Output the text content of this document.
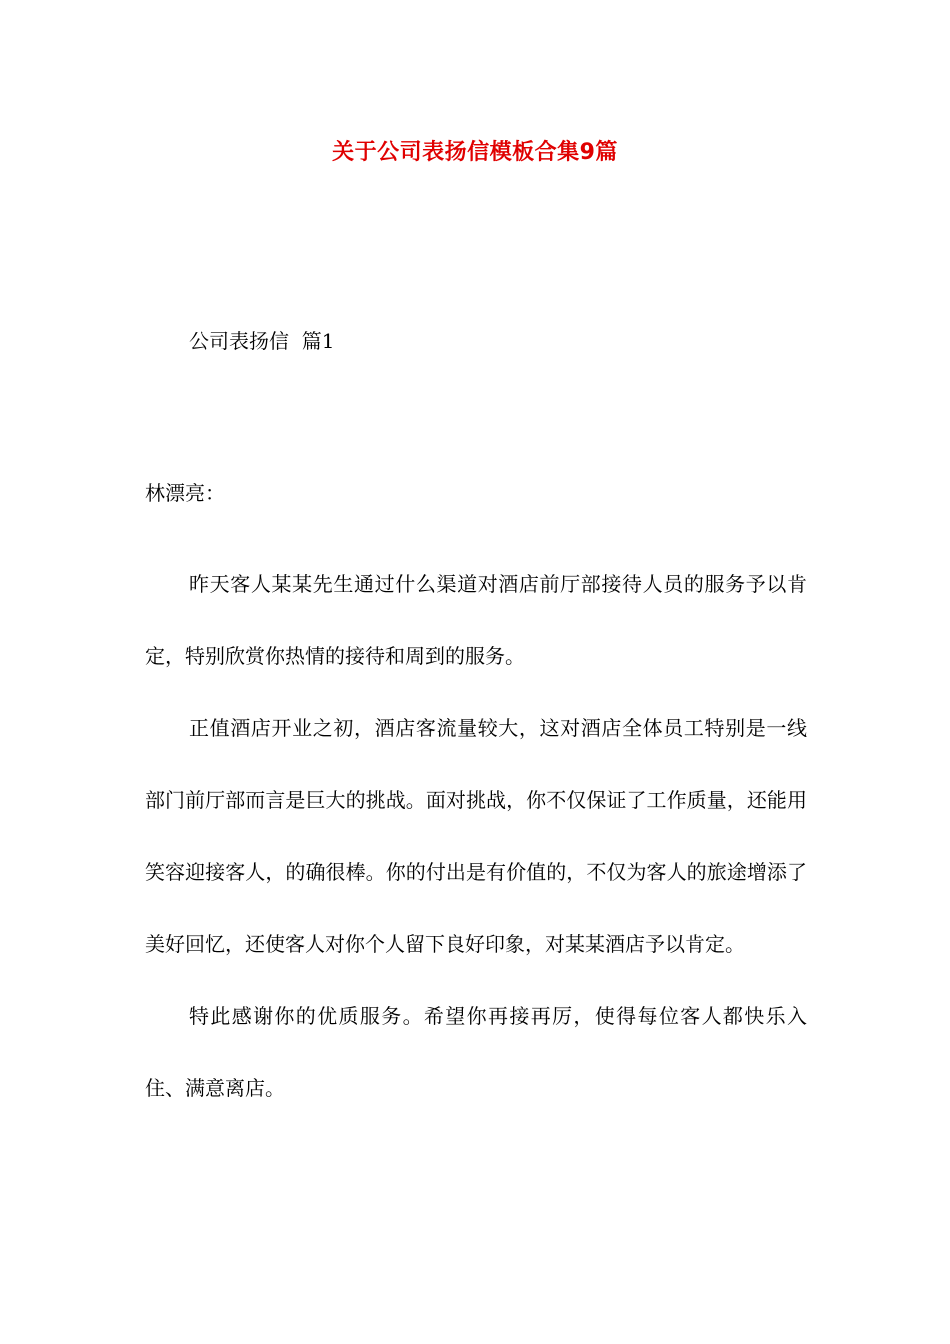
关于公司表扬信模板合集9篇
公司表扬信  篇1
林漂亮：

昨天客人某某先生通过什么渠道对酒店前厅部接待人员的服务予以肯定，特别欣赏你热情的接待和周到的服务。

正值酒店开业之初，酒店客流量较大，这对酒店全体员工特别是一线部门前厅部而言是巨大的挑战。面对挑战，你不仅保证了工作质量，还能用笑容迎接客人，的确很棒。你的付出是有价值的，不仅为客人的旅途增添了美好回忆，还使客人对你个人留下良好印象，对某某酒店予以肯定。

特此感谢你的优质服务。希望你再接再厉，使得每位客人都快乐入住、满意离店。
